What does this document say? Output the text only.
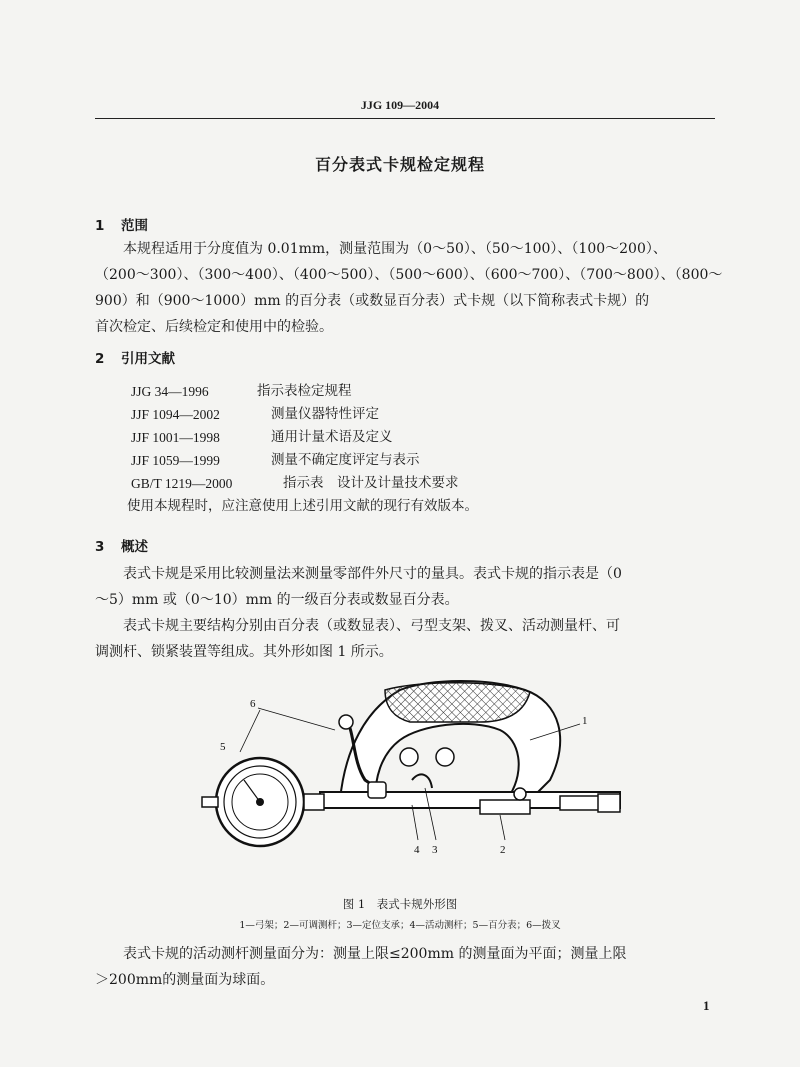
JJG 109—2004
百分表式卡规检定规程
1 范围
本规程适用于分度值为 0.01mm，测量范围为（0～50）、（50～100）、（100～200）、
（200～300）、（300～400）、（400～500）、（500～600）、（600～700）、（700～800）、（800～
900）和（900～1000）mm 的百分表（或数显百分表）式卡规（以下简称表式卡规）的
首次检定、后续检定和使用中的检验。
2 引用文献
JJG 34—1996	指示表检定规程
JJF 1094—2002	测量仪器特性评定
JJF 1001—1998	通用计量术语及定义
JJF 1059—1999	测量不确定度评定与表示
GB/T 1219—2000	指示表　设计及计量技术要求
使用本规程时，应注意使用上述引用文献的现行有效版本。
3 概述
表式卡规是采用比较测量法来测量零部件外尺寸的量具。表式卡规的指示表是（0
～5）mm 或（0～10）mm 的一级百分表或数显百分表。
表式卡规主要结构分别由百分表（或数显表）、弓型支架、拨叉、活动测量杆、可
调测杆、锁紧装置等组成。其外形如图 1 所示。
5
6
1
2
3
4
图 1　表式卡规外形图
1—弓架；2—可调测杆；3—定位支承；4—活动测杆；5—百分表；6—拨叉
表式卡规的活动测杆测量面分为：测量上限≤200mm 的测量面为平面；测量上限
＞200mm的测量面为球面。
1
